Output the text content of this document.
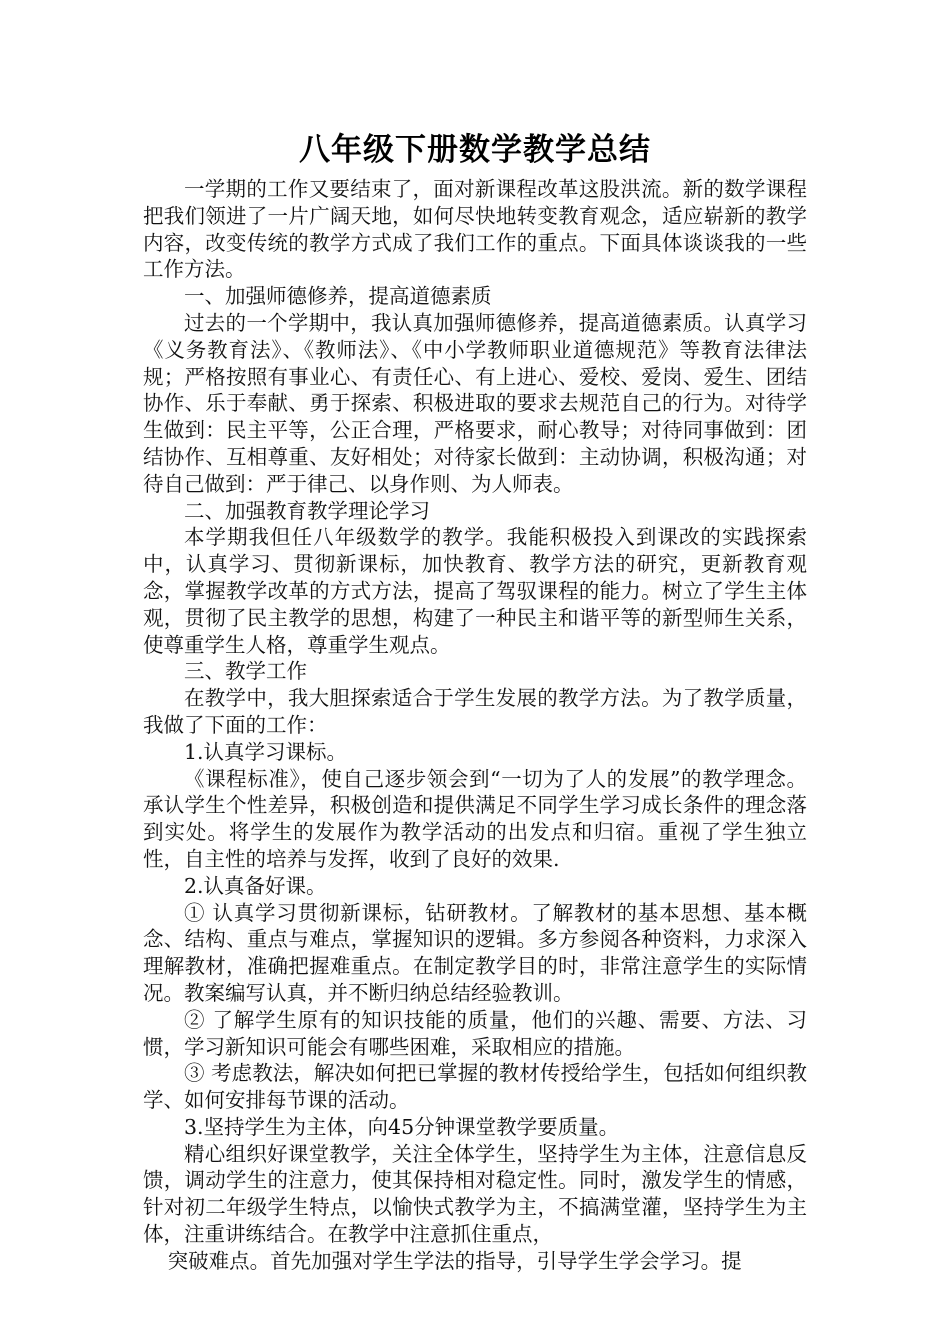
八年级下册数学教学总结

一学期的工作又要结束了，面对新课程改革这股洪流。新的数学课程把我们领进了一片广阔天地，如何尽快地转变教育观念，适应崭新的教学内容，改变传统的教学方式成了我们工作的重点。下面具体谈谈我的一些工作方法。

一、加强师德修养，提高道德素质

过去的一个学期中，我认真加强师德修养，提高道德素质。认真学习《义务教育法》、《教师法》、《中小学教师职业道德规范》等教育法律法规；严格按照有事业心、有责任心、有上进心、爱校、爱岗、爱生、团结协作、乐于奉献、勇于探索、积极进取的要求去规范自己的行为。对待学生做到：民主平等，公正合理，严格要求，耐心教导；对待同事做到：团结协作、互相尊重、友好相处；对待家长做到：主动协调，积极沟通；对待自己做到：严于律己、以身作则、为人师表。

二、加强教育教学理论学习

本学期我但任八年级数学的教学。我能积极投入到课改的实践探索中，认真学习、贯彻新课标，加快教育、教学方法的研究，更新教育观念，掌握教学改革的方式方法，提高了驾驭课程的能力。树立了学生主体观，贯彻了民主教学的思想，构建了一种民主和谐平等的新型师生关系，使尊重学生人格，尊重学生观点。

三、教学工作

在教学中，我大胆探索适合于学生发展的教学方法。为了教学质量，我做了下面的工作：

1.认真学习课标。

《课程标准》，使自己逐步领会到“一切为了人的发展”的教学理念。承认学生个性差异，积极创造和提供满足不同学生学习成长条件的理念落到实处。将学生的发展作为教学活动的出发点和归宿。重视了学生独立性，自主性的培养与发挥，收到了良好的效果.

2.认真备好课。

① 认真学习贯彻新课标，钻研教材。了解教材的基本思想、基本概念、结构、重点与难点，掌握知识的逻辑。多方参阅各种资料，力求深入理解教材，准确把握难重点。在制定教学目的时，非常注意学生的实际情况。教案编写认真，并不断归纳总结经验教训。

② 了解学生原有的知识技能的质量，他们的兴趣、需要、方法、习惯，学习新知识可能会有哪些困难，采取相应的措施。

③ 考虑教法，解决如何把已掌握的教材传授给学生，包括如何组织教学、如何安排每节课的活动。

3.坚持学生为主体，向45分钟课堂教学要质量。

精心组织好课堂教学，关注全体学生，坚持学生为主体，注意信息反馈，调动学生的注意力，使其保持相对稳定性。同时，激发学生的情感，针对初二年级学生特点，以愉快式教学为主，不搞满堂灌，坚持学生为主体，注重讲练结合。在教学中注意抓住重点，

突破难点。首先加强对学生学法的指导，引导学生学会学习。提
